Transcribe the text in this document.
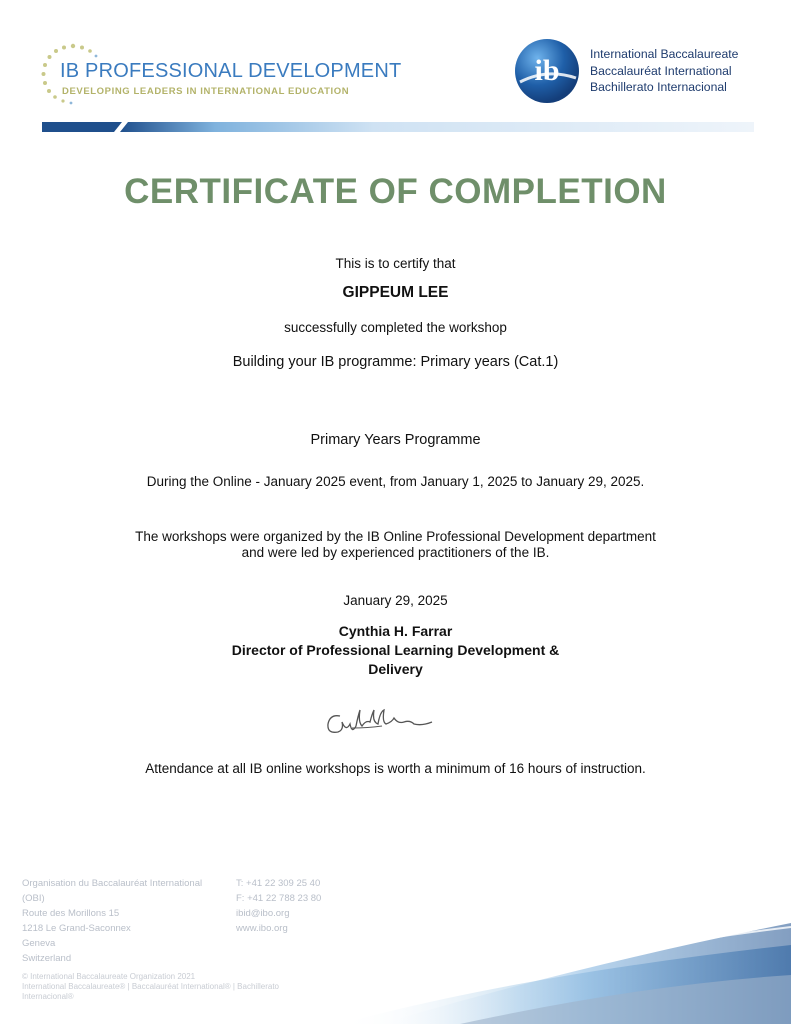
IB PROFESSIONAL DEVELOPMENT
DEVELOPING LEADERS IN INTERNATIONAL EDUCATION
ib International Baccalaureate
Baccalauréat International
Bachillerato Internacional
CERTIFICATE OF COMPLETION
This is to certify that
GIPPEUM LEE
successfully completed the workshop
Building your IB programme: Primary years (Cat.1)
Primary Years Programme
During the Online - January 2025 event, from January 1, 2025 to January 29, 2025.
The workshops were organized by the IB Online Professional Development department
and were led by experienced practitioners of the IB.
January 29, 2025
Cynthia H. Farrar
Director of Professional Learning Development &
Delivery
Attendance at all IB online workshops is worth a minimum of 16 hours of instruction.
Organisation du Baccalauréat International
(OBI)
Route des Morillons 15
1218 Le Grand-Saconnex
Geneva
Switzerland
T: +41 22 309 25 40
F: +41 22 788 23 80
ibid@ibo.org
www.ibo.org
© International Baccalaureate Organization 2021
International Baccalaureate® | Baccalauréat International® | Bachillerato
Internacional®
